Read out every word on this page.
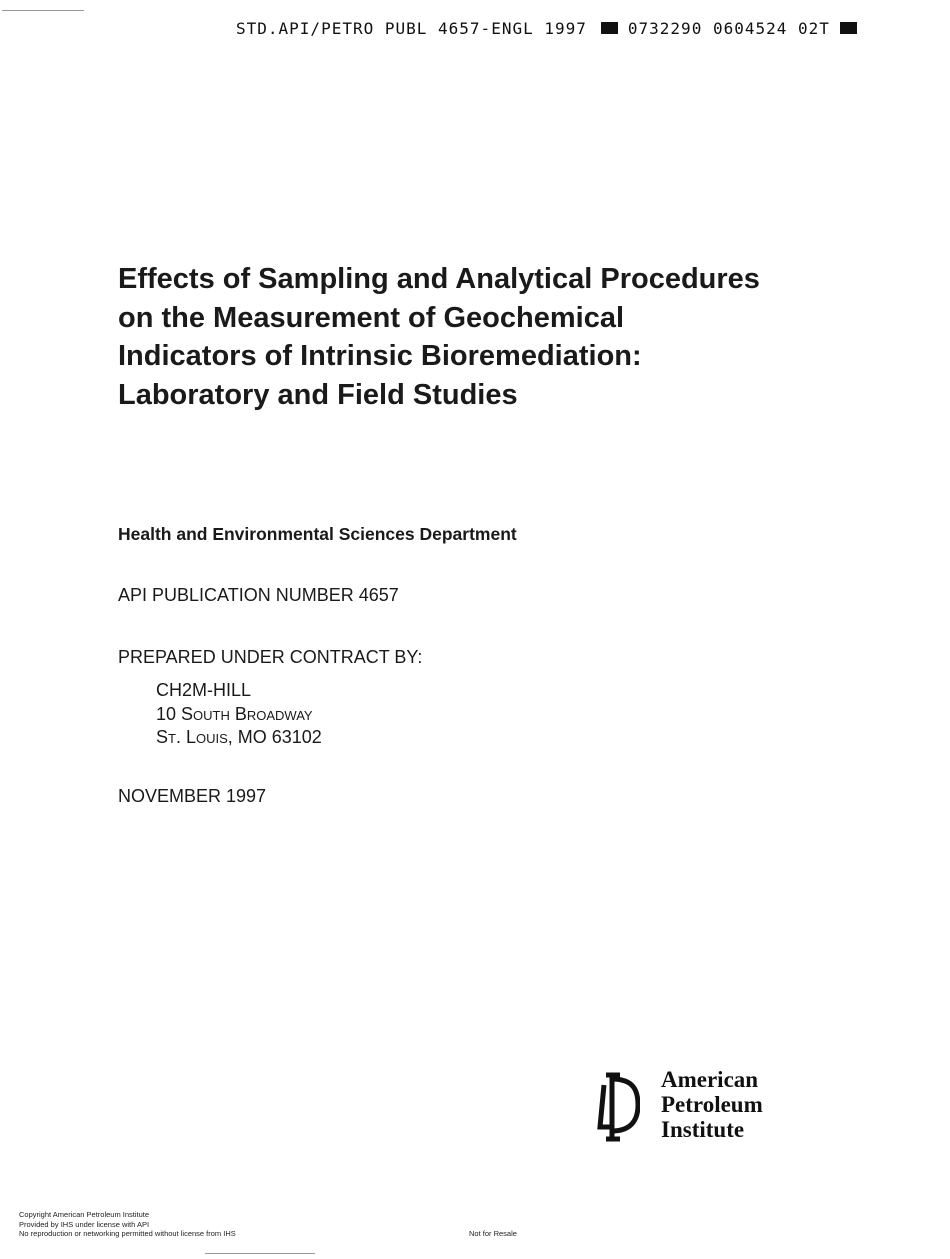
STD.API/PETRO PUBL 4657-ENGL 1997	0732290 0604524 02T
Effects of Sampling and Analytical Procedures
on the Measurement of Geochemical
Indicators of Intrinsic Bioremediation:
Laboratory and Field Studies
Health and Environmental Sciences Department
API PUBLICATION NUMBER 4657
PREPARED UNDER CONTRACT BY:
CH2M-HILL
10 South Broadway
St. Louis, MO 63102
NOVEMBER 1997
American
Petroleum
Institute
Copyright American Petroleum Institute
Provided by IHS under license with API
No reproduction or networking permitted without license from IHS	Not for Resale
